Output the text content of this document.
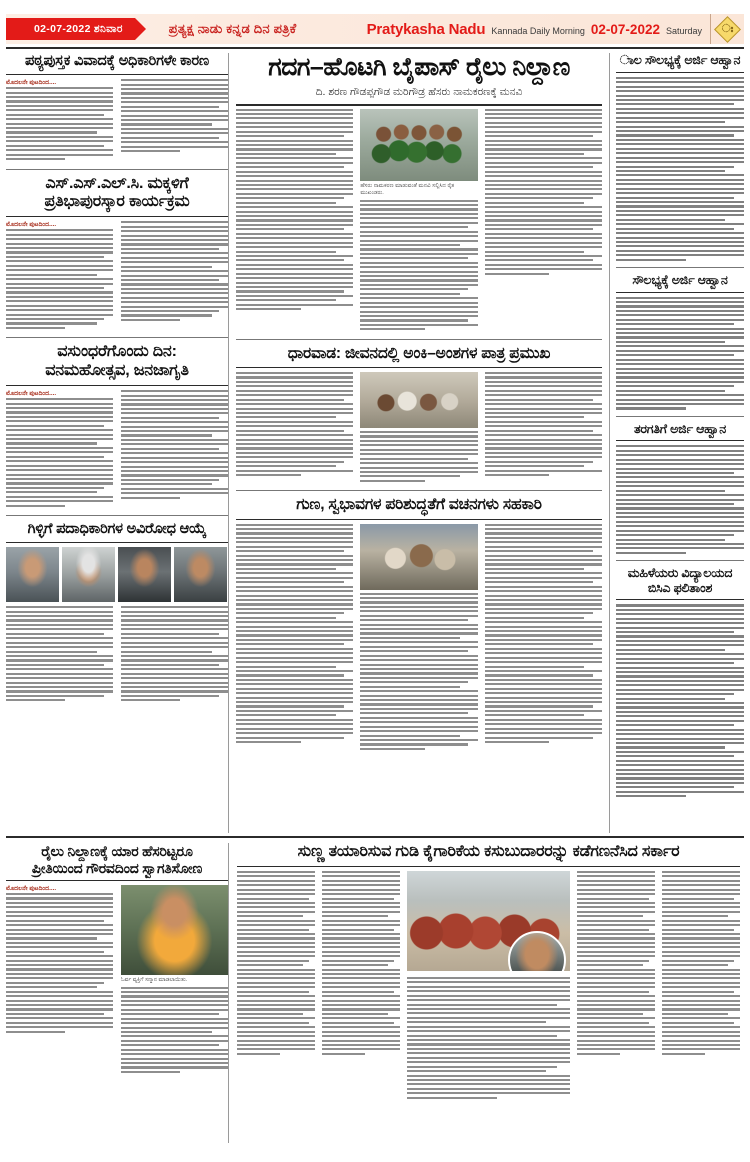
02-07-2022 ಶನಿವಾರ	ಪ್ರತ್ಯಕ್ಷ ನಾಡು ಕನ್ನಡ ದಿನ ಪತ್ರಿಕೆ	Pratykasha Nadu Kannada Daily Morning 02-07-2022 Saturday ಃ
ಪಠ್ಯಪುಸ್ತಕ ವಿವಾದಕ್ಕೆ ಅಧಿಕಾರಿಗಳೇ ಕಾರಣ
ಮೊದಲನೇ ಪುಟದಿಂದ....
ಎಸ್.ಎಸ್.ಎಲ್.ಸಿ. ಮಕ್ಕಳಿಗೆ
ಪ್ರತಿಭಾಪುರಸ್ಕಾರ ಕಾರ್ಯಕ್ರಮ
ಮೊದಲನೇ ಪುಟದಿಂದ....
ವಸುಂಧರೆಗೊಂದು ದಿನ:
ವನಮಹೋತ್ಸವ, ಜನಜಾಗೃತಿ
ಮೊದಲನೇ ಪುಟದಿಂದ....
ಗಿಳ್ಳಿಗೆ ಪದಾಧಿಕಾರಿಗಳ ಅವಿರೋಧ ಆಯ್ಕೆ
ಗದಗ–ಹೊಟಗಿ ಬೈಪಾಸ್ ರೈಲು ನಿಲ್ದಾಣ
ದಿ. ಶರಣ ಗೌಡಪ್ಪಗೌಡ ಮರಿಗೌಡ್ರ ಹೆಸರು ನಾಮಕರಣಕ್ಕೆ ಮನವಿ
ಹೆಸರು ನಾಮಕರಣ ಮಾಡುವಂತೆ ಮನವಿ ಸಲ್ಲಿಸಿದ ರೈತ ಮುಖಂಡರು.
ಧಾರವಾಡ: ಜೀವನದಲ್ಲಿ ಅಂಕಿ–ಅಂಶಗಳ ಪಾತ್ರ ಪ್ರಮುಖ
ಗುಣ, ಸ್ವಭಾವಗಳ ಪರಿಶುದ್ಧತೆಗೆ ವಚನಗಳು ಸಹಕಾರಿ
ಾಲ ಸೌಲಭ್ಯಕ್ಕೆ ಅರ್ಜಿ ಆಹ್ವಾನ
ಸೌಲಭ್ಯಕ್ಕೆ ಅರ್ಜಿ ಆಹ್ವಾನ
ತರಗತಿಗೆ ಅರ್ಜಿ ಆಹ್ವಾನ
ಮಹಿಳೆಯರು ವಿದ್ಯಾಲಯದ
ಬಿಸಿಎ ಫಲಿತಾಂಶ
ರೈಲು ನಿಲ್ದಾಣಕ್ಕೆ ಯಾರ ಹೆಸರಿಟ್ಟರೂ
ಪ್ರೀತಿಯಿಂದ ಗೌರವದಿಂದ ಸ್ವಾಗತಿಸೋಣ
ಮೊದಲನೇ ಪುಟದಿಂದ....
ಓರ್ವ ವ್ಯಕ್ತಿಗೆ ಸನ್ಮಾನ ಮಾಡಲಾಯಿತು.
ಸುಣ್ಣ ತಯಾರಿಸುವ ಗುಡಿ ಕೈಗಾರಿಕೆಯ ಕಸುಬುದಾರರನ್ನು ಕಡೆಗಣನೆಸಿದ ಸರ್ಕಾರ
